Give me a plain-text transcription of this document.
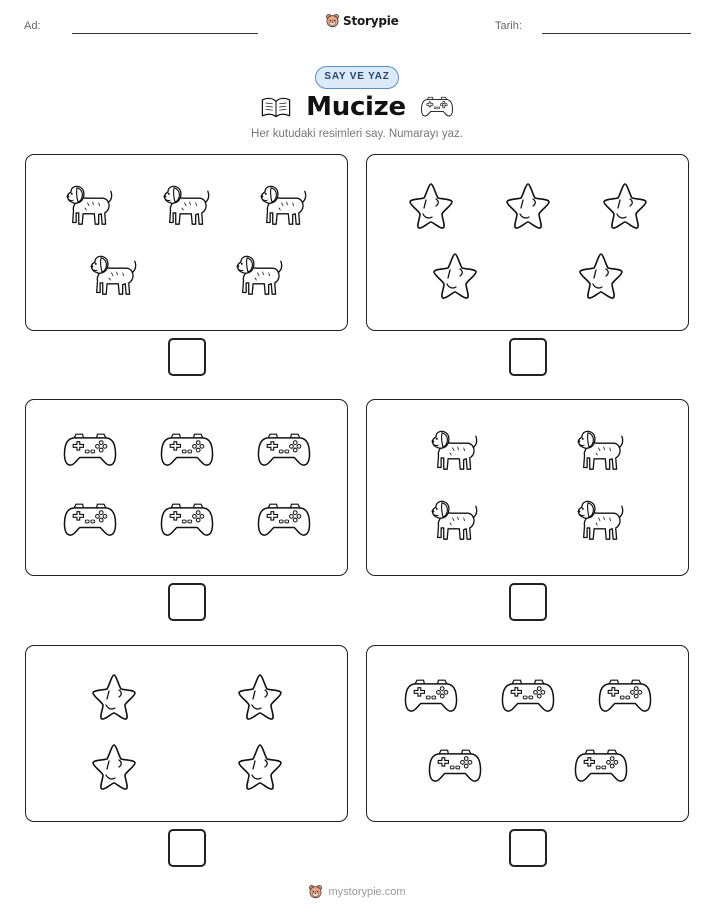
Ad:	Storypie	Tarih:
SAY VE YAZ
Mucize
Her kutudaki resimleri say. Numarayı yaz.
mystorypie.com
